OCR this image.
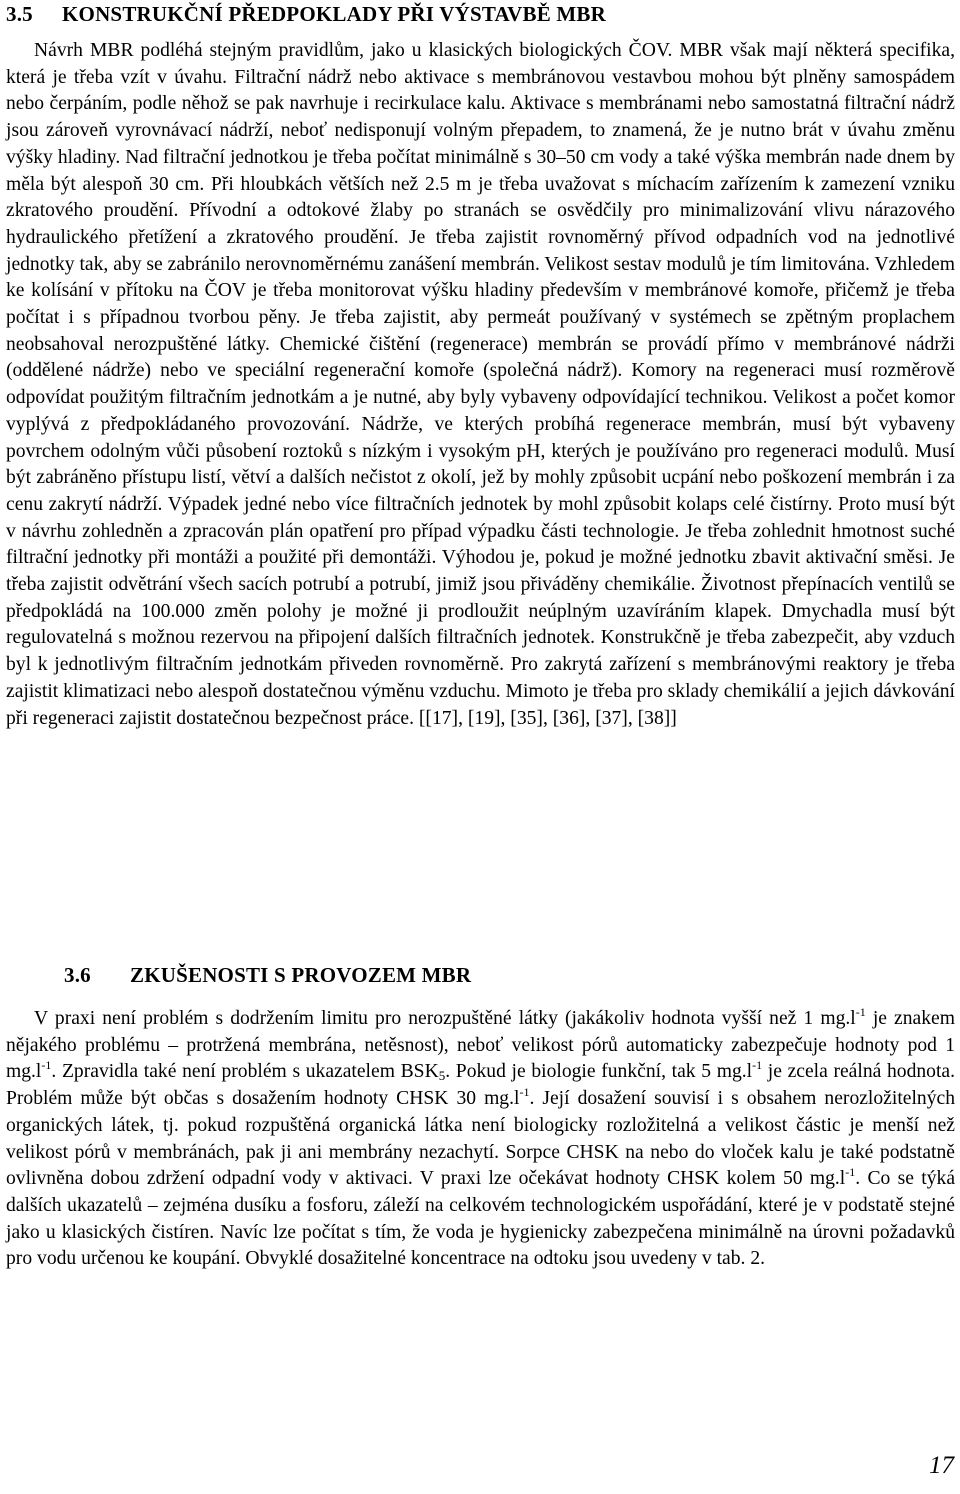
3.5 KONSTRUKČNÍ PŘEDPOKLADY PŘI VÝSTAVBĚ MBR

Návrh MBR podléhá stejným pravidlům, jako u klasických biologických ČOV. MBR však mají některá specifika, která je třeba vzít v úvahu. Filtrační nádrž nebo aktivace s membránovou vestavbou mohou být plněny samospádem nebo čerpáním, podle něhož se pak navrhuje i recirkulace kalu. Aktivace s membránami nebo samostatná filtrační nádrž jsou zároveň vyrovnávací nádrží, neboť nedisponují volným přepadem, to znamená, že je nutno brát v úvahu změnu výšky hladiny. Nad filtrační jednotkou je třeba počítat minimálně s 30–50 cm vody a také výška membrán nade dnem by měla být alespoň 30 cm. Při hloubkách větších než 2.5 m je třeba uvažovat s míchacím zařízením k zamezení vzniku zkratového proudění. Přívodní a odtokové žlaby po stranách se osvědčily pro minimalizování vlivu nárazového hydraulického přetížení a zkratového proudění. Je třeba zajistit rovnoměrný přívod odpadních vod na jednotlivé jednotky tak, aby se zabránilo nerovnoměrnému zanášení membrán. Velikost sestav modulů je tím limitována. Vzhledem ke kolísání v přítoku na ČOV je třeba monitorovat výšku hladiny především v membránové komoře, přičemž je třeba počítat i s případnou tvorbou pěny. Je třeba zajistit, aby permeát používaný v systémech se zpětným proplachem neobsahoval nerozpuštěné látky. Chemické čištění (regenerace) membrán se provádí přímo v membránové nádrži (oddělené nádrže) nebo ve speciální regenerační komoře (společná nádrž). Komory na regeneraci musí rozměrově odpovídat použitým filtračním jednotkám a je nutné, aby byly vybaveny odpovídající technikou. Velikost a počet komor vyplývá z předpokládaného provozování. Nádrže, ve kterých probíhá regenerace membrán, musí být vybaveny povrchem odolným vůči působení roztoků s nízkým i vysokým pH, kterých je používáno pro regeneraci modulů. Musí být zabráněno přístupu listí, větví a dalších nečistot z okolí, jež by mohly způsobit ucpání nebo poškození membrán i za cenu zakrytí nádrží. Výpadek jedné nebo více filtračních jednotek by mohl způsobit kolaps celé čistírny. Proto musí být v návrhu zohledněn a zpracován plán opatření pro případ výpadku části technologie. Je třeba zohlednit hmotnost suché filtrační jednotky při montáži a použité při demontáži. Výhodou je, pokud je možné jednotku zbavit aktivační směsi. Je třeba zajistit odvětrání všech sacích potrubí a potrubí, jimiž jsou přiváděny chemikálie. Životnost přepínacích ventilů se předpokládá na 100.000 změn polohy je možné ji prodloužit neúplným uzavíráním klapek. Dmychadla musí být regulovatelná s možnou rezervou na připojení dalších filtračních jednotek. Konstrukčně je třeba zabezpečit, aby vzduch byl k jednotlivým filtračním jednotkám přiveden rovnoměrně. Pro zakrytá zařízení s membránovými reaktory je třeba zajistit klimatizaci nebo alespoň dostatečnou výměnu vzduchu. Mimoto je třeba pro sklady chemikálií a jejich dávkování při regeneraci zajistit dostatečnou bezpečnost práce. [[17], [19], [35], [36], [37], [38]]

3.6 ZKUŠENOSTI S PROVOZEM MBR

V praxi není problém s dodržením limitu pro nerozpuštěné látky (jakákoliv hodnota vyšší než 1 $mg.l^{-1}$ je znakem nějakého problému – protržená membrána, netěsnost), neboť velikost pórů automaticky zabezpečuje hodnoty pod 1 $mg.l^{-1}$. Zpravidla také není problém s ukazatelem $BSK_5$. Pokud je biologie funkční, tak 5 $mg.l^{-1}$ je zcela reálná hodnota. Problém může být občas s dosažením hodnoty CHSK 30 $mg.l^{-1}$. Její dosažení souvisí i s obsahem nerozložitelných organických látek, tj. pokud rozpuštěná organická látka není biologicky rozložitelná a velikost částic je menší než velikost pórů v membránách, pak ji ani membrány nezachytí. Sorpce CHSK na nebo do vloček kalu je také podstatně ovlivněna dobou zdržení odpadní vody v aktivaci. V praxi lze očekávat hodnoty CHSK kolem 50 $mg.l^{-1}$. Co se týká dalších ukazatelů – zejména dusíku a fosforu, záleží na celkovém technologickém uspořádání, které je v podstatě stejné jako u klasických čistíren. Navíc lze počítat s tím, že voda je hygienicky zabezpečena minimálně na úrovni požadavků pro vodu určenou ke koupání. Obvyklé dosažitelné koncentrace na odtoku jsou uvedeny v tab. 2.

17
